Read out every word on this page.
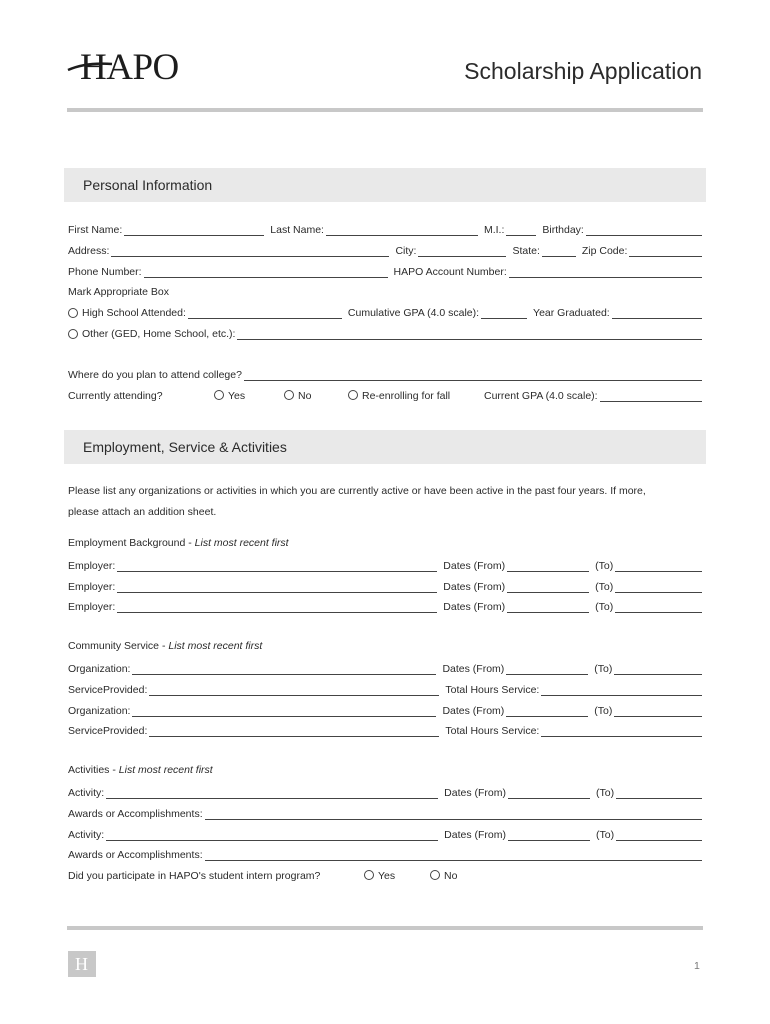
HAPO	Scholarship Application
Personal Information
First Name:	Last Name:	M.I.:	Birthday:
Address:	City:	State:	Zip Code:
Phone Number:	HAPO Account Number:
Mark Appropriate Box
High School Attended:	Cumulative GPA (4.0 scale):	Year Graduated:
Other (GED, Home School, etc.):
Where do you plan to attend college?
Currently attending?	Yes	No	Re-enrolling for fall	Current GPA (4.0 scale):
Employment, Service & Activities
Please list any organizations or activities in which you are currently active or have been active in the past four years. If more,
please attach an addition sheet.
Employment Background - List most recent first
Employer:	Dates (From)	(To)
Employer:	Dates (From)	(To)
Employer:	Dates (From)	(To)
Community Service - List most recent first
Organization:	Dates (From)	(To)
ServiceProvided:	Total Hours Service:
Organization:	Dates (From)	(To)
ServiceProvided:	Total Hours Service:
Activities - List most recent first
Activity:	Dates (From)	(To)
Awards or Accomplishments:
Activity:	Dates (From)	(To)
Awards or Accomplishments:
Did you participate in HAPO's student intern program?	Yes	No
H	1
